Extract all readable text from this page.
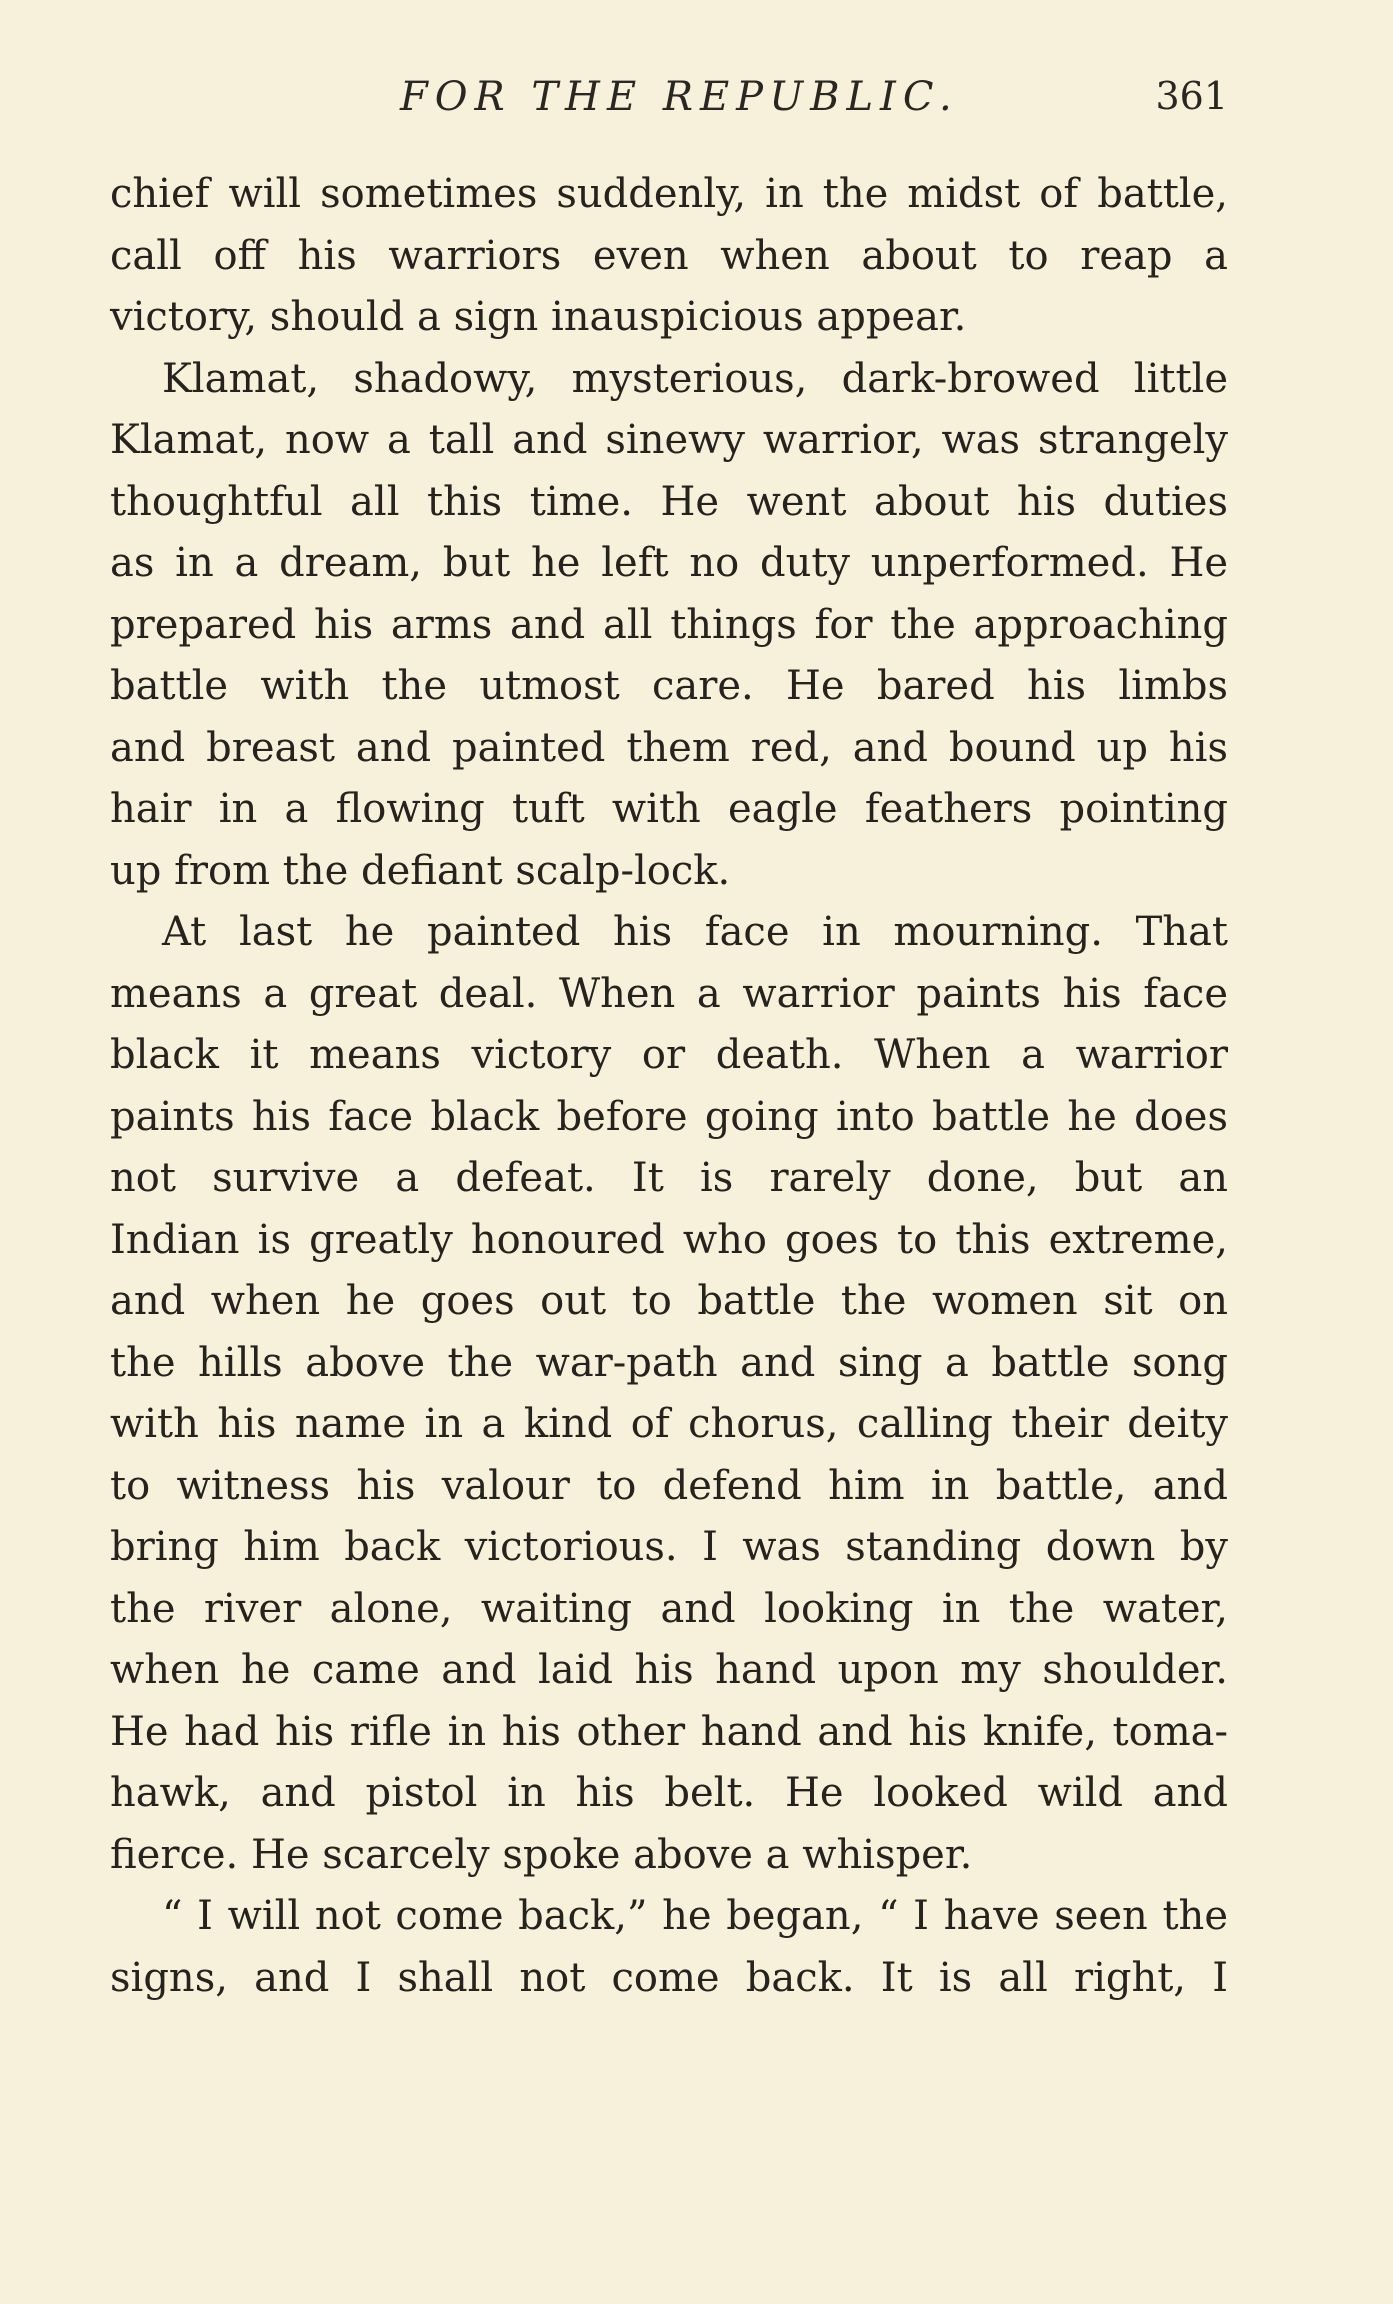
FOR THE REPUBLIC.	361
chief will sometimes suddenly, in the midst of battle,
call off his warriors even when about to reap a
victory, should a sign inauspicious appear.
Klamat, shadowy, mysterious, dark-browed little
Klamat, now a tall and sinewy warrior, was strangely
thoughtful all this time. He went about his duties
as in a dream, but he left no duty unperformed. He
prepared his arms and all things for the approaching
battle with the utmost care. He bared his limbs
and breast and painted them red, and bound up his
hair in a flowing tuft with eagle feathers pointing
up from the defiant scalp-lock.
At last he painted his face in mourning. That
means a great deal. When a warrior paints his face
black it means victory or death. When a warrior
paints his face black before going into battle he does
not survive a defeat. It is rarely done, but an
Indian is greatly honoured who goes to this extreme,
and when he goes out to battle the women sit on
the hills above the war-path and sing a battle song
with his name in a kind of chorus, calling their deity
to witness his valour to defend him in battle, and
bring him back victorious. I was standing down by
the river alone, waiting and looking in the water,
when he came and laid his hand upon my shoulder.
He had his rifle in his other hand and his knife, toma-
hawk, and pistol in his belt. He looked wild and
fierce. He scarcely spoke above a whisper.
“ I will not come back,” he began, “ I have seen the
signs, and I shall not come back. It is all right, I
